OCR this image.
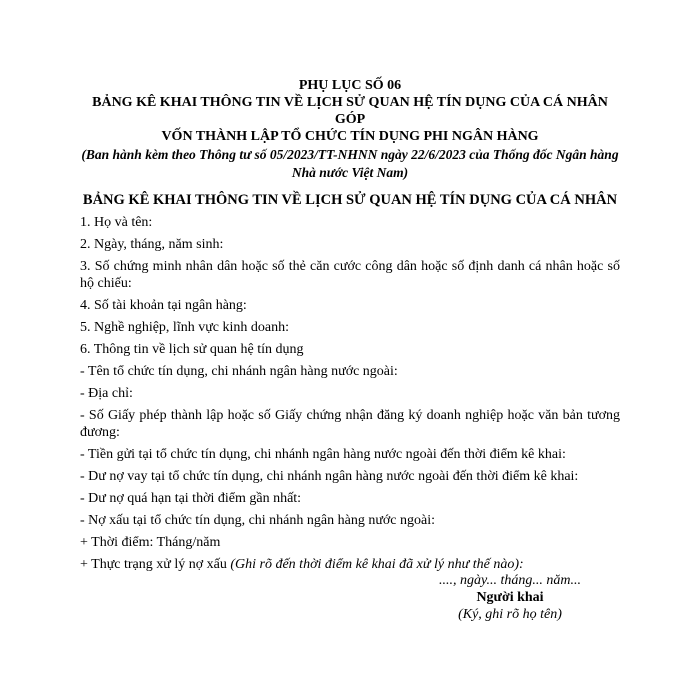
PHỤ LỤC SỐ 06
BẢNG KÊ KHAI THÔNG TIN VỀ LỊCH SỬ QUAN HỆ TÍN DỤNG CỦA CÁ NHÂN GÓP
VỐN THÀNH LẬP TỔ CHỨC TÍN DỤNG PHI NGÂN HÀNG
(Ban hành kèm theo Thông tư số 05/2023/TT-NHNN ngày 22/6/2023 của Thống đốc Ngân hàng
Nhà nước Việt Nam)
BẢNG KÊ KHAI THÔNG TIN VỀ LỊCH SỬ QUAN HỆ TÍN DỤNG CỦA CÁ NHÂN

1. Họ và tên:

2. Ngày, tháng, năm sinh:

3. Số chứng minh nhân dân hoặc số thẻ căn cước công dân hoặc số định danh cá nhân hoặc số hộ chiếu:

4. Số tài khoản tại ngân hàng:

5. Nghề nghiệp, lĩnh vực kinh doanh:

6. Thông tin về lịch sử quan hệ tín dụng

- Tên tổ chức tín dụng, chi nhánh ngân hàng nước ngoài:

- Địa chỉ:

- Số Giấy phép thành lập hoặc số Giấy chứng nhận đăng ký doanh nghiệp hoặc văn bản tương đương:

- Tiền gửi tại tổ chức tín dụng, chi nhánh ngân hàng nước ngoài đến thời điểm kê khai:

- Dư nợ vay tại tổ chức tín dụng, chi nhánh ngân hàng nước ngoài đến thời điểm kê khai:

- Dư nợ quá hạn tại thời điểm gần nhất:

- Nợ xấu tại tổ chức tín dụng, chi nhánh ngân hàng nước ngoài:

+ Thời điểm: Tháng/năm

+ Thực trạng xử lý nợ xấu (Ghi rõ đến thời điểm kê khai đã xử lý như thế nào):

...., ngày... tháng... năm...
Người khai
(Ký, ghi rõ họ tên)
